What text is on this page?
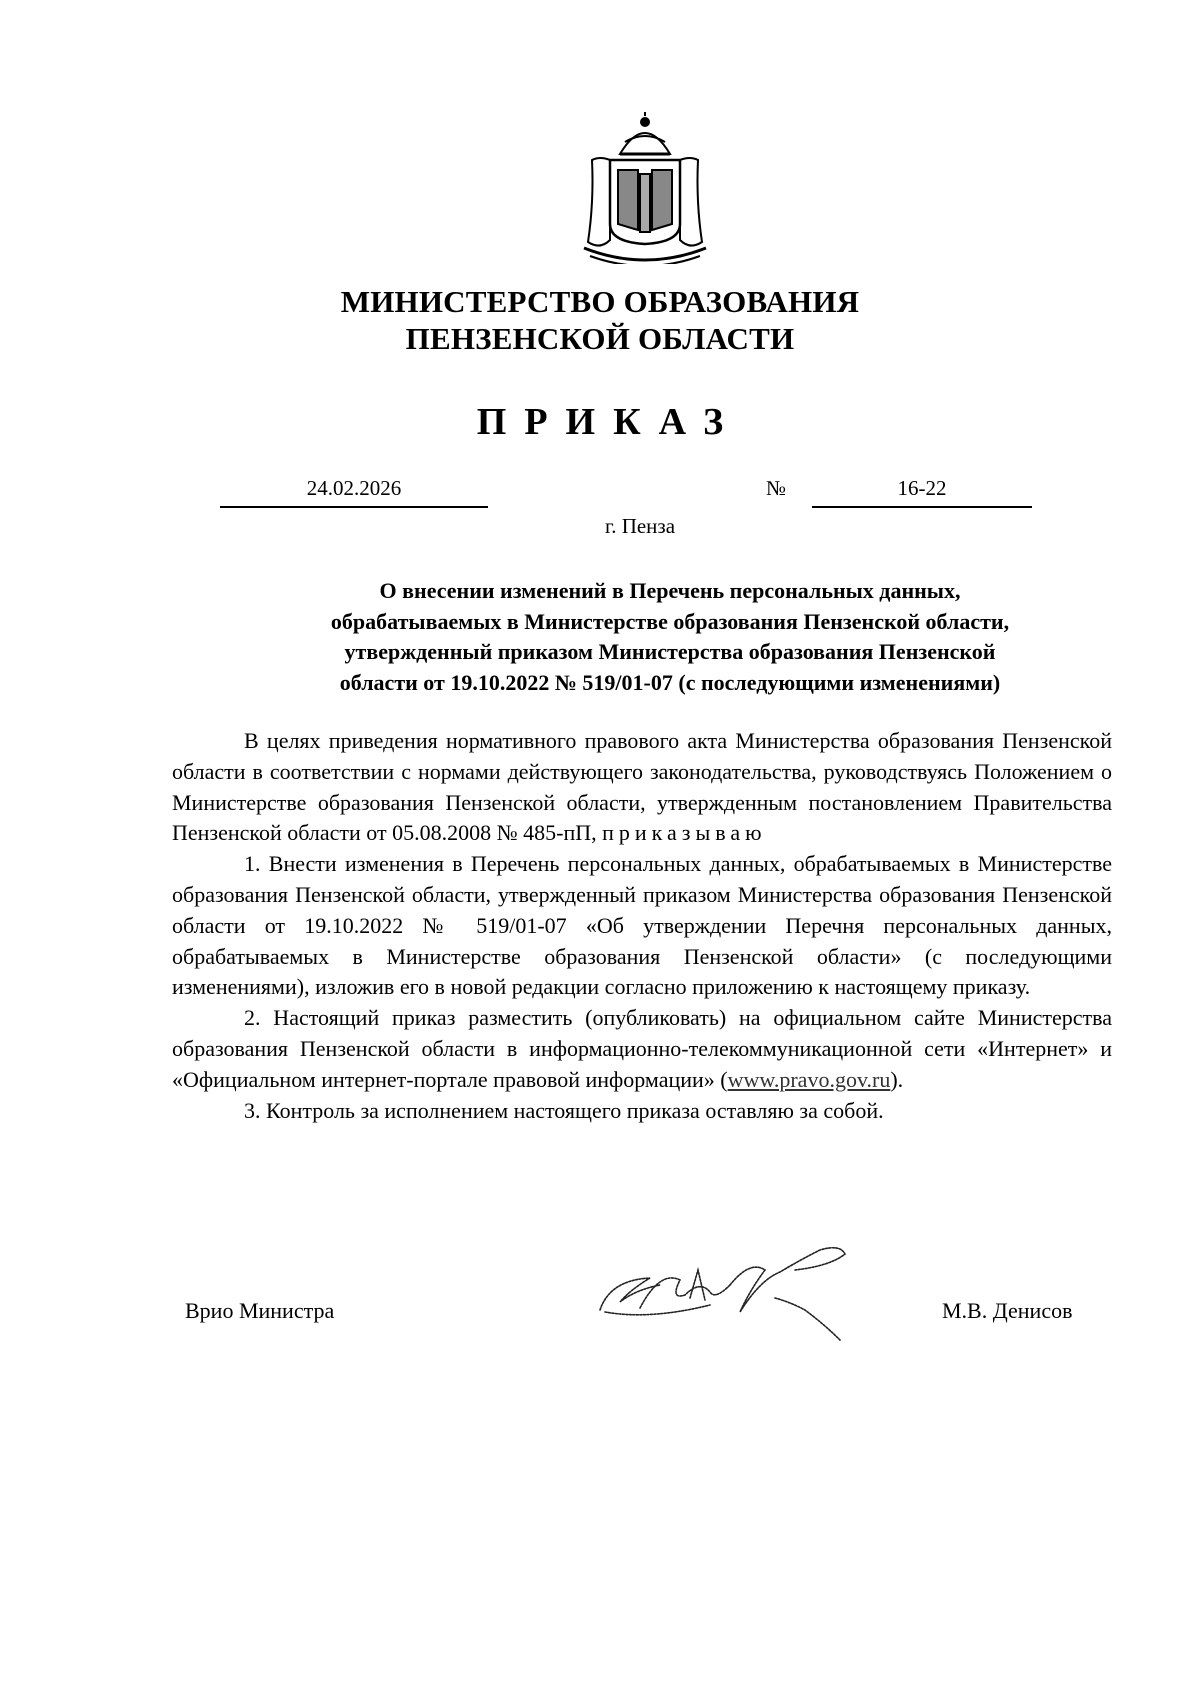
МИНИСТЕРСТВО ОБРАЗОВАНИЯ
ПЕНЗЕНСКОЙ ОБЛАСТИ
ПРИКАЗ
24.02.2026	№	16-22
г. Пенза
О внесении изменений в Перечень персональных данных,
обрабатываемых в Министерстве образования Пензенской области,
утвержденный приказом Министерства образования Пензенской
области от 19.10.2022 № 519/01-07 (с последующими изменениями)

В целях приведения нормативного правового акта Министерства образования Пензенской области в соответствии с нормами действующего законодательства, руководствуясь Положением о Министерстве образования Пензенской области, утвержденным постановлением Правительства Пензенской области от 05.08.2008 № 485-пП, приказываю

1. Внести изменения в Перечень персональных данных, обрабатываемых в Министерстве образования Пензенской области, утвержденный приказом Министерства образования Пензенской области от 19.10.2022 № 519/01-07 «Об утверждении Перечня персональных данных, обрабатываемых в Министерстве образования Пензенской области» (с последующими изменениями), изложив его в новой редакции согласно приложению к настоящему приказу.

2. Настоящий приказ разместить (опубликовать) на официальном сайте Министерства образования Пензенской области в информационно-телекоммуникационной сети «Интернет» и «Официальном интернет-портале правовой информации» (www.pravo.gov.ru).

3. Контроль за исполнением настоящего приказа оставляю за собой.

Врио Министра	М.В. Денисов
